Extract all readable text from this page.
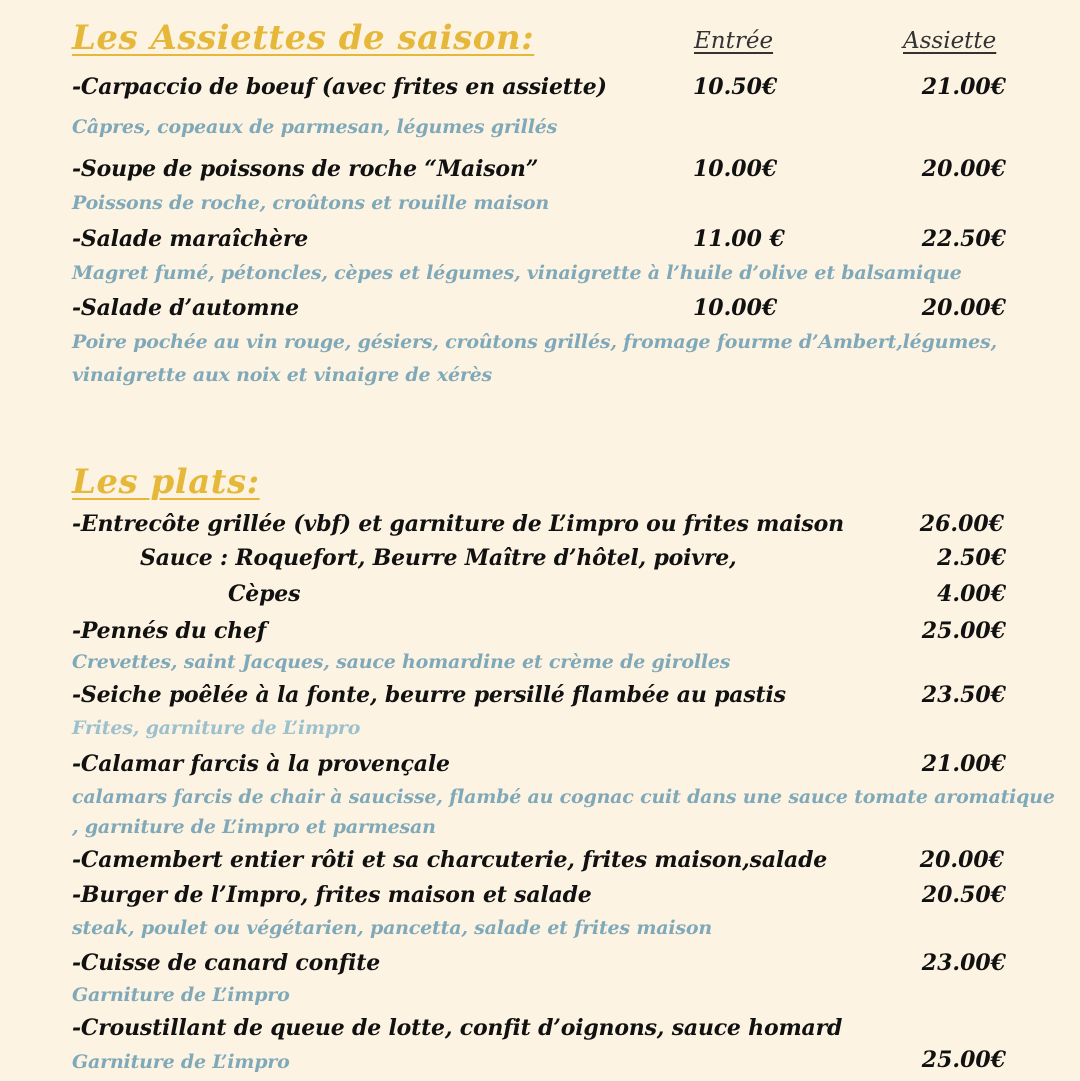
Les Assiettes de saison:	Entrée	Assiette
-Carpaccio de boeuf (avec frites en assiette)	10.50€	21.00€
Câpres, copeaux de parmesan, légumes grillés
-Soupe de poissons de roche “Maison”	10.00€	20.00€
Poissons de roche, croûtons et rouille maison
-Salade maraîchère	11.00 €	22.50€
Magret fumé, pétoncles, cèpes et légumes, vinaigrette à l’huile d’olive et balsamique
-Salade d’automne	10.00€	20.00€
Poire pochée au vin rouge, gésiers, croûtons grillés, fromage fourme d’Ambert,légumes,
vinaigrette aux noix et vinaigre de xérès
Les plats:
-Entrecôte grillée (vbf) et garniture de L’impro ou frites maison	26.00€
Sauce : Roquefort, Beurre Maître d’hôtel, poivre,	2.50€
Cèpes	4.00€
-Pennés du chef	25.00€
Crevettes, saint Jacques, sauce homardine et crème de girolles
-Seiche poêlée à la fonte, beurre persillé flambée au pastis	23.50€
Frites, garniture de L’impro
-Calamar farcis à la provençale	21.00€
calamars farcis de chair à saucisse, flambé au cognac cuit dans une sauce tomate aromatique
, garniture de L’impro et parmesan
-Camembert entier rôti et sa charcuterie, frites maison,salade	20.00€
-Burger de l’Impro, frites maison et salade	20.50€
steak, poulet ou végétarien, pancetta, salade et frites maison
-Cuisse de canard confite	23.00€
Garniture de L’impro
-Croustillant de queue de lotte, confit d’oignons, sauce homard
Garniture de L’impro	25.00€
